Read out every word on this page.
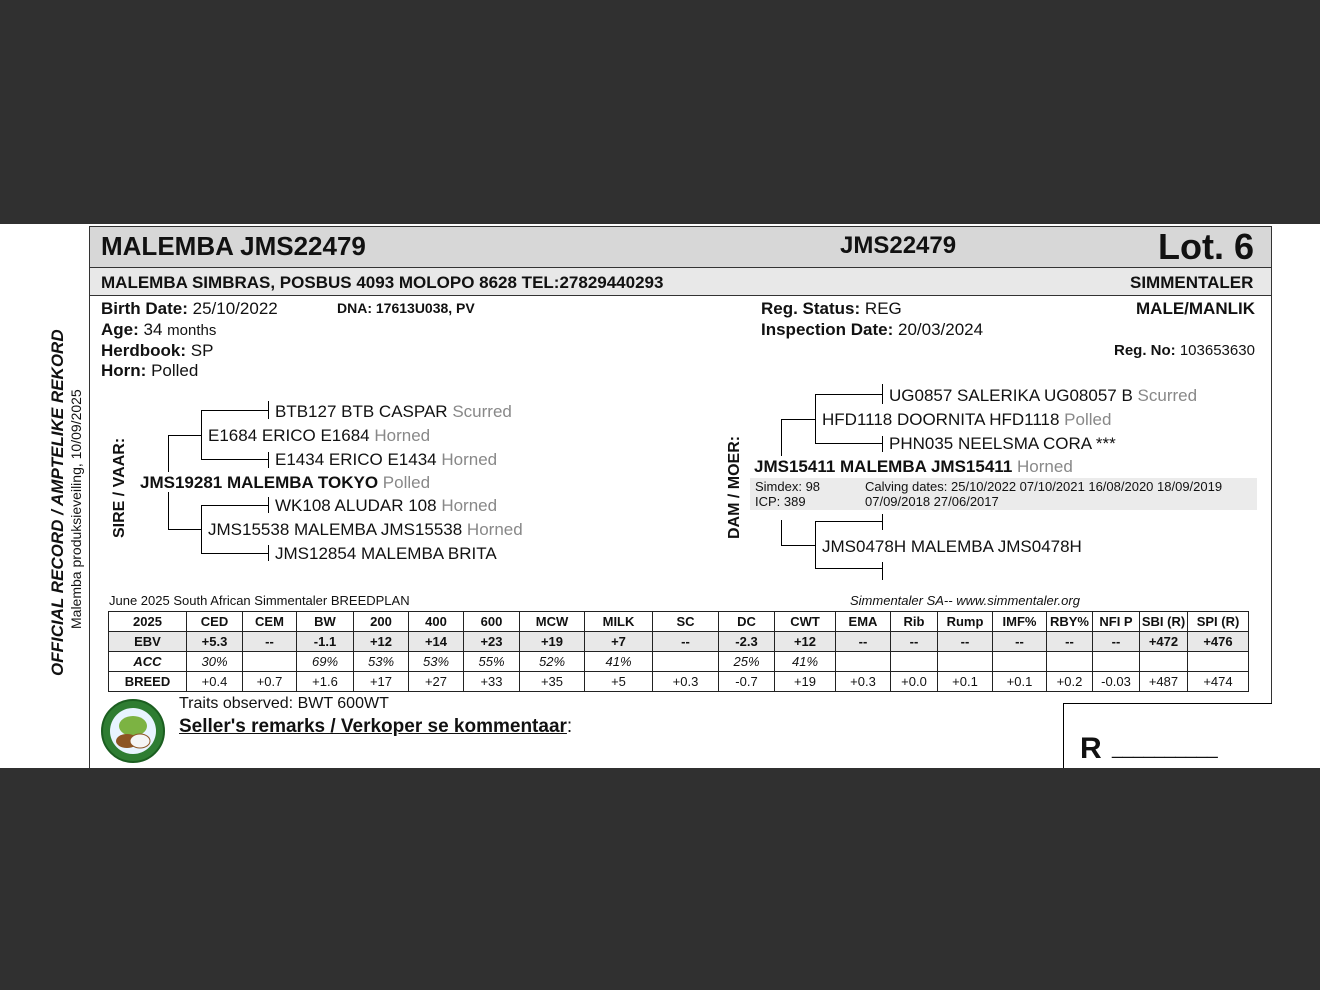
MALEMBA JMS22479	JMS22479	Lot. 6
MALEMBA SIMBRAS, POSBUS 4093 MOLOPO 8628 TEL:27829440293	SIMMENTALER
OFFICIAL RECORD / AMPTELIKE REKORD Malemba produksieveiling, 10/09/2025
Birth Date: 25/10/2022	DNA: 17613U038, PV
Age: 34 months
Herdbook: SP
Horn: Polled
Reg. Status: REG
Inspection Date: 20/03/2024
MALE/MANLIK
Reg. No: 103653630
SIRE / VAAR:
BTB127 BTB CASPAR Scurred
E1684 ERICO E1684 Horned
E1434 ERICO E1434 Horned
JMS19281 MALEMBA TOKYO Polled
WK108 ALUDAR 108 Horned
JMS15538 MALEMBA JMS15538 Horned
JMS12854 MALEMBA BRITA
DAM / MOER:
UG0857 SALERIKA UG08057 B Scurred
HFD1118 DOORNITA HFD1118 Polled
PHN035 NEELSMA CORA ***
JMS15411 MALEMBA JMS15411 Horned
Simdex: 98
ICP: 389
Calving dates: 25/10/2022 07/10/2021 16/08/2020 18/09/2019
07/09/2018 27/06/2017
JMS0478H MALEMBA JMS0478H
June 2025 South African Simmentaler BREEDPLAN	Simmentaler SA-- www.simmentaler.org
2025	CED	CEM	BW	200	400	600	MCW	MILK	SC	DC	CWT	EMA	Rib	Rump	IMF%	RBY%	NFI P	SBI (R)	SPI (R)
EBV	+5.3	--	-1.1	+12	+14	+23	+19	+7	--	-2.3	+12	--	--	--	--	--	--	+472	+476
ACC	30%		69%	53%	53%	55%	52%	41%		25%	41%								
BREED	+0.4	+0.7	+1.6	+17	+27	+33	+35	+5	+0.3	-0.7	+19	+0.3	+0.0	+0.1	+0.1	+0.2	-0.03	+487	+474
Traits observed: BWT 600WT
Seller's remarks / Verkoper se kommentaar:
R __________
